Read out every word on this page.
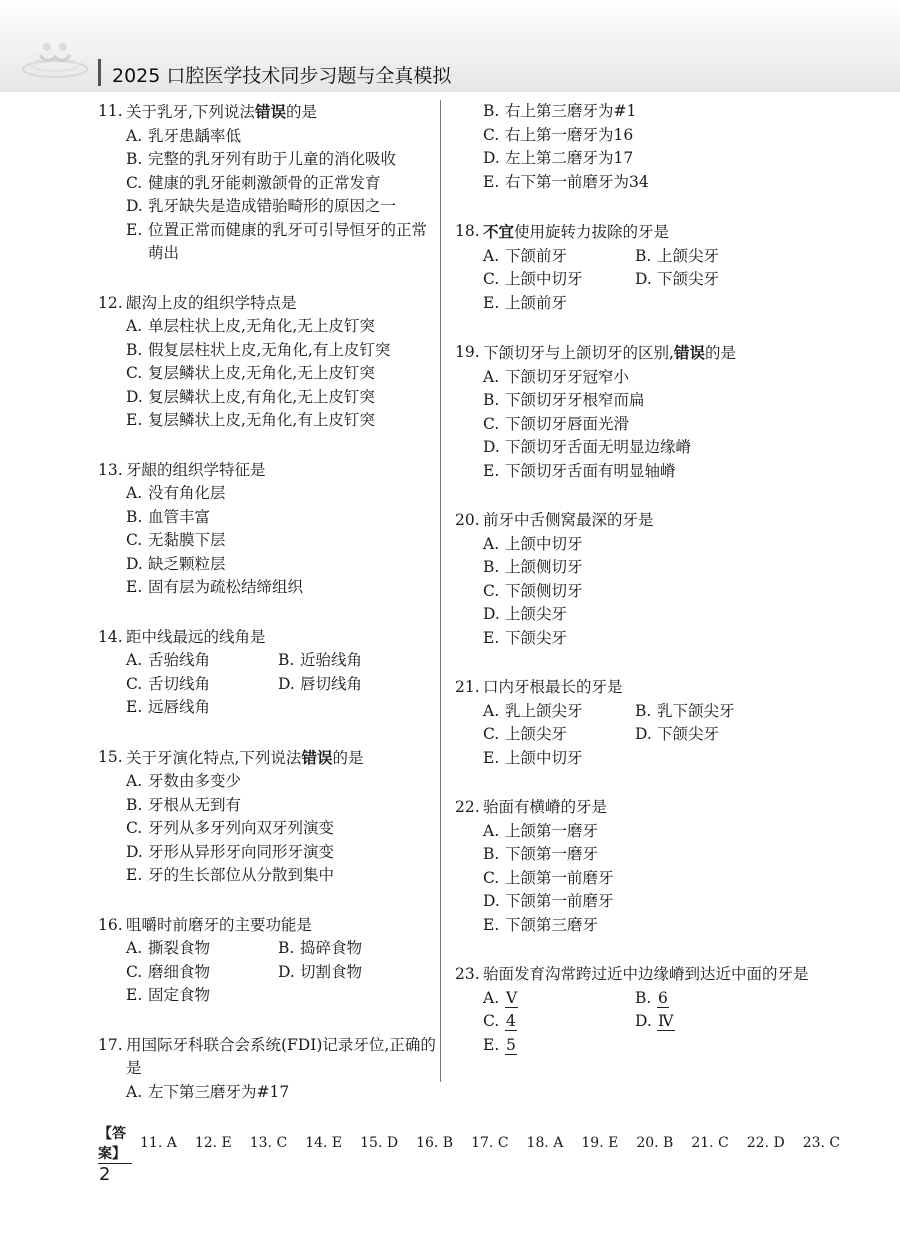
2025 口腔医学技术同步习题与全真模拟
11. 关于乳牙,下列说法错误的是
A. 乳牙患龋率低
B. 完整的乳牙列有助于儿童的消化吸收
C. 健康的乳牙能刺激颌骨的正常发育
D. 乳牙缺失是造成错骀畸形的原因之一
E. 位置正常而健康的乳牙可引导恒牙的正常萌出
12. 龈沟上皮的组织学特点是
A. 单层柱状上皮,无角化,无上皮钉突
B. 假复层柱状上皮,无角化,有上皮钉突
C. 复层鳞状上皮,无角化,无上皮钉突
D. 复层鳞状上皮,有角化,无上皮钉突
E. 复层鳞状上皮,无角化,有上皮钉突
13. 牙龈的组织学特征是
A. 没有角化层
B. 血管丰富
C. 无黏膜下层
D. 缺乏颗粒层
E. 固有层为疏松结缔组织
14. 距中线最远的线角是
A. 舌骀线角	B. 近骀线角
C. 舌切线角	D. 唇切线角
E. 远唇线角
15. 关于牙演化特点,下列说法错误的是
A. 牙数由多变少
B. 牙根从无到有
C. 牙列从多牙列向双牙列演变
D. 牙形从异形牙向同形牙演变
E. 牙的生长部位从分散到集中
16. 咀嚼时前磨牙的主要功能是
A. 撕裂食物	B. 捣碎食物
C. 磨细食物	D. 切割食物
E. 固定食物
17. 用国际牙科联合会系统(FDI)记录牙位,正确的是
A. 左下第三磨牙为#17
B. 右上第三磨牙为#1
C. 右上第一磨牙为16
D. 左上第二磨牙为17
E. 右下第一前磨牙为34
18. 不宜使用旋转力拔除的牙是
A. 下颌前牙	B. 上颌尖牙
C. 上颌中切牙	D. 下颌尖牙
E. 上颌前牙
19. 下颌切牙与上颌切牙的区别,错误的是
A. 下颌切牙牙冠窄小
B. 下颌切牙牙根窄而扁
C. 下颌切牙唇面光滑
D. 下颌切牙舌面无明显边缘嵴
E. 下颌切牙舌面有明显轴嵴
20. 前牙中舌侧窝最深的牙是
A. 上颌中切牙
B. 上颌侧切牙
C. 下颌侧切牙
D. 上颌尖牙
E. 下颌尖牙
21. 口内牙根最长的牙是
A. 乳上颌尖牙	B. 乳下颌尖牙
C. 上颌尖牙	D. 下颌尖牙
E. 上颌中切牙
22. 骀面有横嵴的牙是
A. 上颌第一磨牙
B. 下颌第一磨牙
C. 上颌第一前磨牙
D. 下颌第一前磨牙
E. 下颌第三磨牙
23. 骀面发育沟常跨过近中边缘嵴到达近中面的牙是
A. Ⅴ	B. 6
C. 4	D. Ⅳ
E. 5
【答案】
11. A 12. E 13. C 14. E 15. D 16. B 17. C 18. A 19. E 20. B 21. C 22. D 23. C
2
